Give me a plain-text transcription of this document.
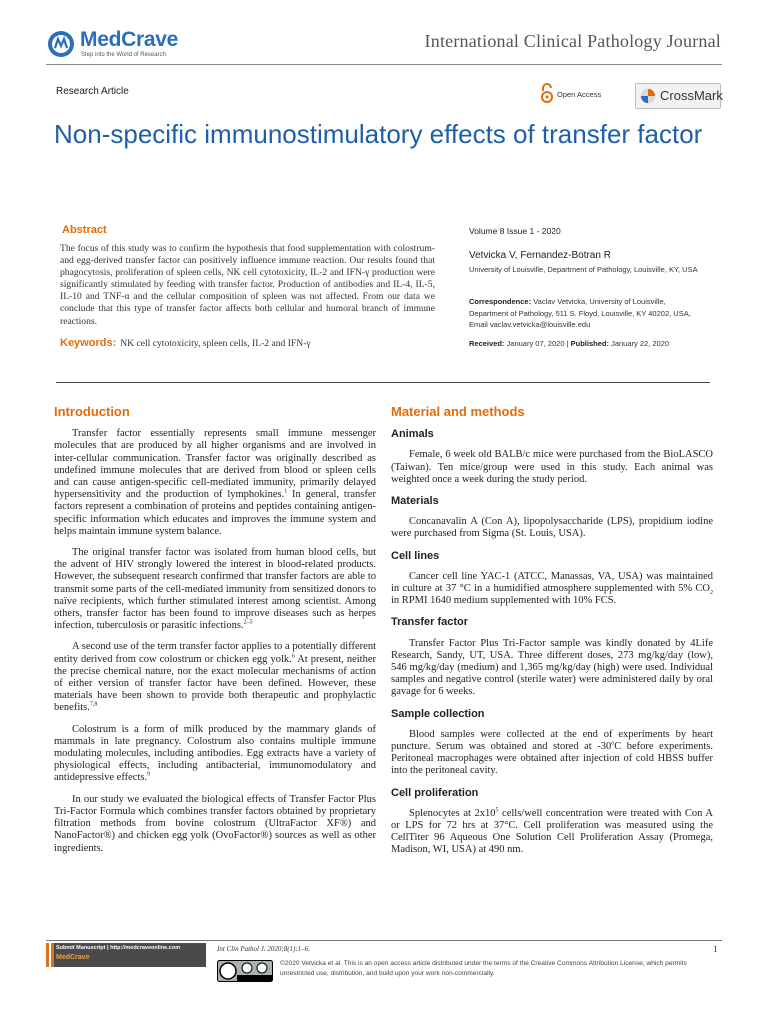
MedCrave
Step into the World of Research
International Clinical Pathology Journal
Research Article	Open Access	CrossMark
Non-specific immunostimulatory effects of transfer factor
Abstract
The focus of this study was to confirm the hypothesis that food supplementation with colostrum- and egg-derived transfer factor can positively influence immune reaction. Our results found that phagocytosis, proliferation of spleen cells, NK cell cytotoxicity, IL-2 and IFN-γ production were significantly stimulated by feeding with transfer factor. Production of antibodies and IL-4, IL-5, IL-10 and TNF-α and the cellular composition of spleen was not affected. From our data we conclude that this type of transfer factor affects both cellular and humoral branch of immune reactions.
Keywords: NK cell cytotoxicity, spleen cells, IL-2 and IFN-γ
Volume 8 Issue 1 - 2020
Vetvicka V, Fernandez-Botran R
University of Louisville, Department of Pathology, Louisville, KY, USA
Correspondence: Vaclav Vetvicka, University of Louisville, Department of Pathology, 511 S. Floyd, Louisville, KY 40202, USA, Email vaclav.vetvicka@louisville.edu
Received: January 07, 2020 | Published: January 22, 2020
Introduction

Transfer factor essentially represents small immune messenger molecules that are produced by all higher organisms and are involved in inter-cellular communication. Transfer factor was originally described as undefined immune molecules that are derived from blood or spleen cells and can cause antigen-specific cell-mediated immunity, primarily delayed hypersensitivity and the production of lymphokines.$^1$ In general, transfer factors represent a combination of proteins and peptides containing antigen-specific information which educates and improves the immune system and helps maintain immune system balance.

The original transfer factor was isolated from human blood cells, but the advent of HIV strongly lowered the interest in blood-related products. However, the subsequent research confirmed that transfer factors are able to transmit some parts of the cell-mediated immunity from sensitized donors to naïve recipients, which further stimulated interest among scientist. Among others, transfer factor has been found to improve diseases such as herpes infection, tuberculosis or parasitic infections.$^{2-5}$

A second use of the term transfer factor applies to a potentially different entity derived from cow colostrum or chicken egg yolk.$^6$ At present, neither the precise chemical nature, nor the exact molecular mechanisms of action of either version of transfer factor have been defined. However, these materials have been shown to provide both therapeutic and prophylactic benefits.$^{7,8}$

Colostrum is a form of milk produced by the mammary glands of mammals in late pregnancy. Colostrum also contains multiple immune modulating molecules, including antibodies. Egg extracts have a variety of physiological effects, including antibacterial, immunomodulatory and antidepressive effects.$^9$

In our study we evaluated the biological effects of Transfer Factor Plus Tri-Factor Formula which combines transfer factors obtained by proprietary filtration methods from bovine colostrum (UltraFactor XF®) and NanoFactor®) and chicken egg yolk (OvoFactor®) sources as well as other ingredients.

Material and methods
Animals

Female, 6 week old BALB/c mice were purchased from the BioLASCO (Taiwan). Ten mice/group were used in this study. Each animal was weighted once a week during the study period.

Materials

Concanavalin A (Con A), lipopolysaccharide (LPS), propidium iodine were purchased from Sigma (St. Louis, USA).

Cell lines

Cancer cell line YAC-1 (ATCC, Manassas, VA, USA) was maintained in culture at 37 °C in a humidified atmosphere supplemented with 5% $CO_2$ in RPMI 1640 medium supplemented with 10% FCS.

Transfer factor

Transfer Factor Plus Tri-Factor sample was kindly donated by 4Life Research, Sandy, UT, USA. Three different doses, 273 mg/kg/day (low), 546 mg/kg/day (medium) and 1,365 mg/kg/day (high) were used. Individual samples and negative control (sterile water) were administered daily by oral gavage for 6 weeks.

Sample collection

Blood samples were collected at the end of experiments by heart puncture. Serum was obtained and stored at -30$^o$C before experiments. Peritoneal macrophages were obtained after injection of cold HBSS buffer into the peritoneal cavity.

Cell proliferation

Splenocytes at $2x10^5$ cells/well concentration were treated with Con A or LPS for 72 hrs at 37°C. Cell proliferation was measured using the CellTiter 96 Aqueous One Solution Cell Proliferation Assay (Promega, Madison, WI, USA) at 490 nm.

Submit Manuscript | http://medcraveonline.com
MedCrave
Int Clin Pathol J. 2020;8(1):1‒6.	1
©2020 Vetvicka et al. This is an open access article distributed under the terms of the Creative Commons Attribution License, which permits unrestricted use, distribution, and build upon your work non-commercially.
